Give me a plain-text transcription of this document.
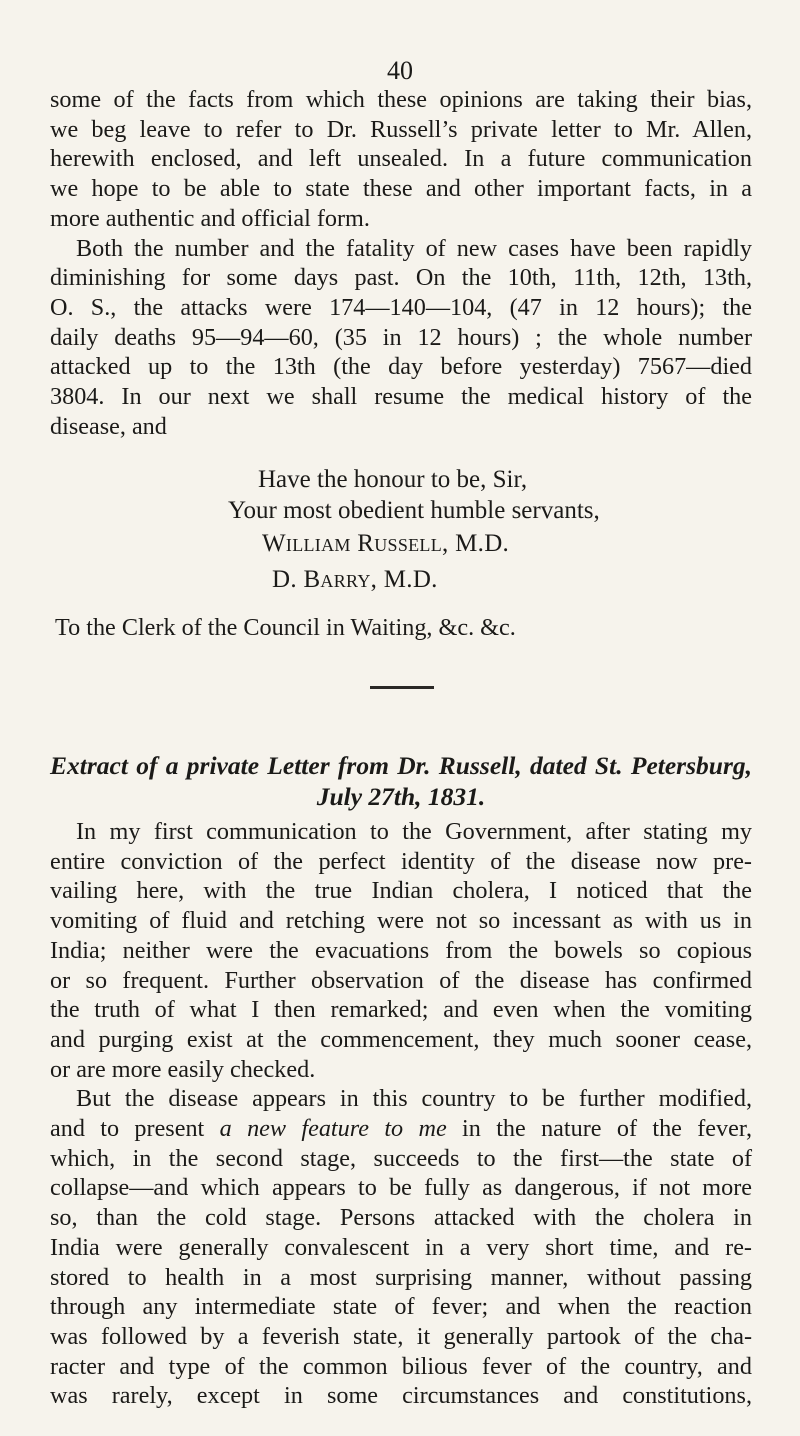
40

some of the facts from which these opinions are taking their bias,

we beg leave to refer to Dr. Russell’s private letter to Mr. Allen,

herewith enclosed, and left unsealed. In a future communication

we hope to be able to state these and other important facts, in a

more authentic and official form.

Both the number and the fatality of new cases have been rapidly

diminishing for some days past. On the 10th, 11th, 12th, 13th,

O. S., the attacks were 174—140—104, (47 in 12 hours); the

daily deaths 95—94—60, (35 in 12 hours) ; the whole number

attacked up to the 13th (the day before yesterday) 7567—died

3804. In our next we shall resume the medical history of the

disease, and

Have the honour to be, Sir,
Your most obedient humble servants,
William Russell, M.D.
D. Barry, M.D.
To the Clerk of the Council in Waiting, &c. &c.
Extract of a private Letter from Dr. Russell, dated St. Petersburg,
July 27th, 1831.

In my first communication to the Government, after stating my

entire conviction of the perfect identity of the disease now pre-

vailing here, with the true Indian cholera, I noticed that the

vomiting of fluid and retching were not so incessant as with us in

India; neither were the evacuations from the bowels so copious

or so frequent. Further observation of the disease has confirmed

the truth of what I then remarked; and even when the vomiting

and purging exist at the commencement, they much sooner cease,

or are more easily checked.

But the disease appears in this country to be further modified,

and to present a new feature to me in the nature of the fever,

which, in the second stage, succeeds to the first—the state of

collapse—and which appears to be fully as dangerous, if not more

so, than the cold stage. Persons attacked with the cholera in

India were generally convalescent in a very short time, and re-

stored to health in a most surprising manner, without passing

through any intermediate state of fever; and when the reaction

was followed by a feverish state, it generally partook of the cha-

racter and type of the common bilious fever of the country, and

was rarely, except in some circumstances and constitutions,
